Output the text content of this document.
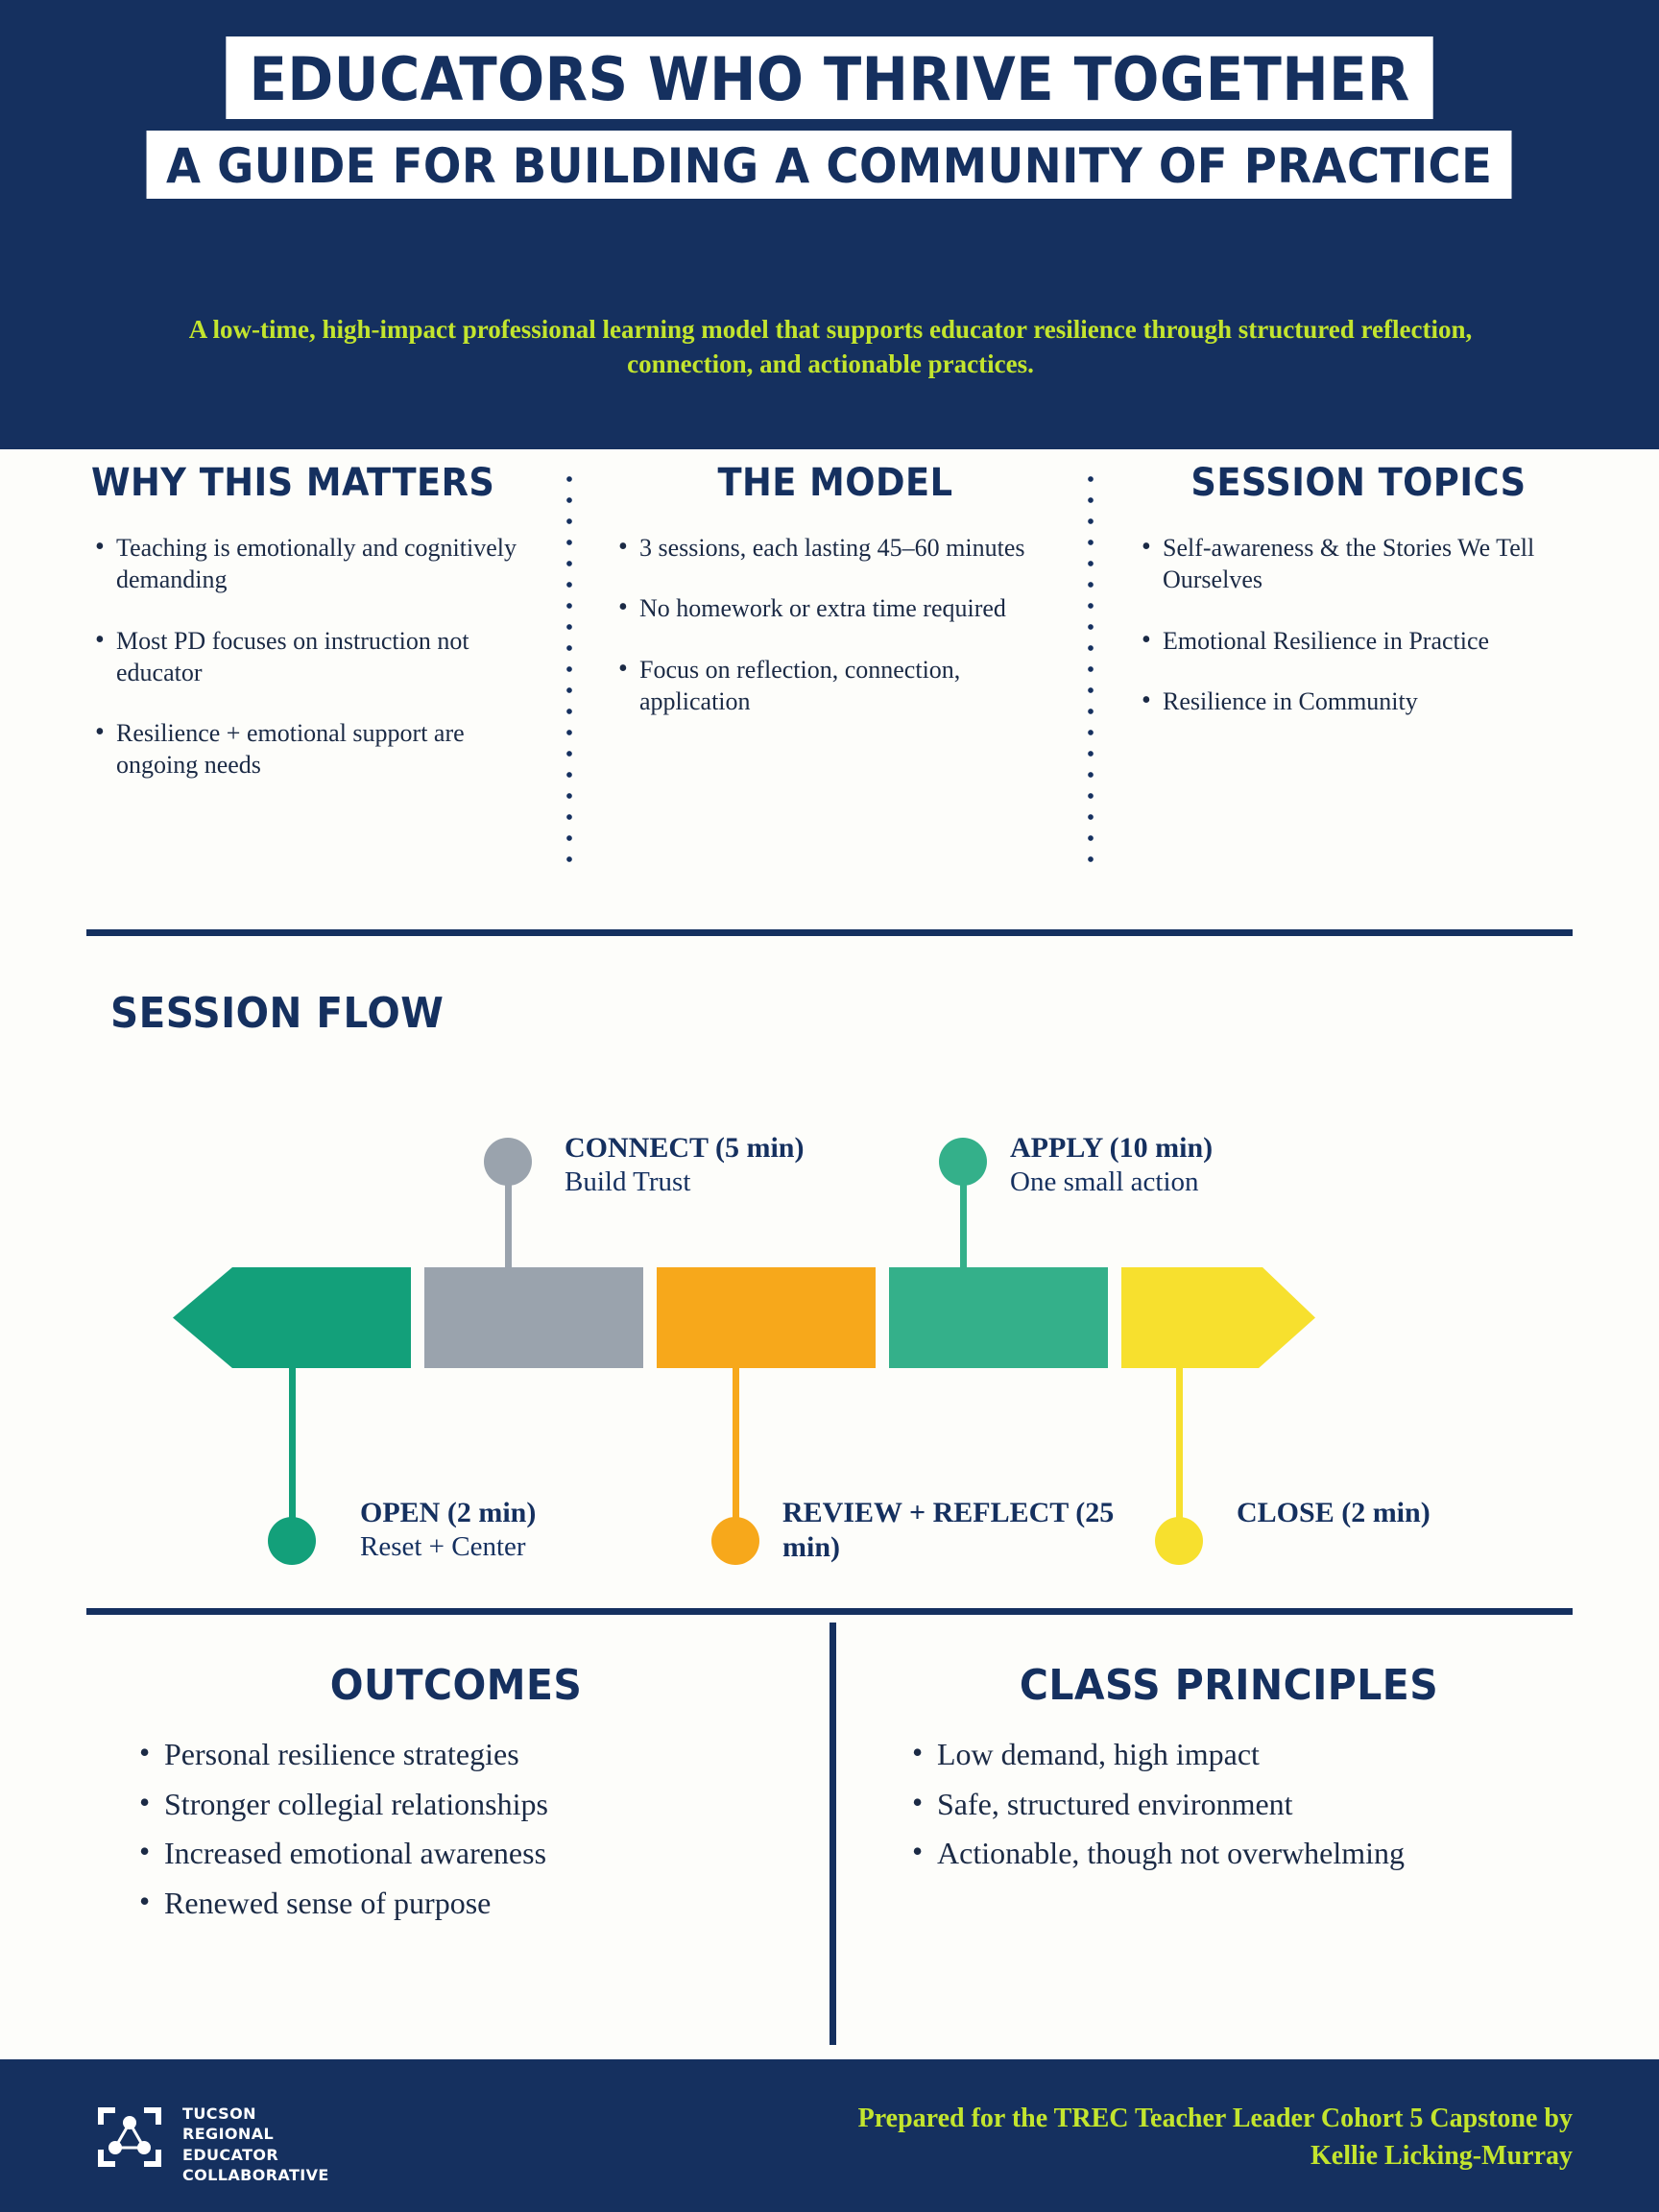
EDUCATORS WHO THRIVE TOGETHER A GUIDE FOR BUILDING A COMMUNITY OF PRACTICE
A low-time, high-impact professional learning model that supports educator resilience through structured reflection, connection, and actionable practices.
WHY THIS MATTERS
• Teaching is emotionally and cognitively demanding
• Most PD focuses on instruction not educator
• Resilience + emotional support are ongoing needs
THE MODEL
• 3 sessions, each lasting 45–60 minutes
• No homework or extra time required
• Focus on reflection, connection, application
SESSION TOPICS
• Self-awareness & the Stories We Tell Ourselves
• Emotional Resilience in Practice
• Resilience in Community
SESSION FLOW
CONNECT (5 min)
Build Trust
APPLY (10 min)
One small action
OPEN (2 min)
Reset + Center
REVIEW + REFLECT (25 min)
CLOSE (2 min)
OUTCOMES
• Personal resilience strategies
• Stronger collegial relationships
• Increased emotional awareness
• Renewed sense of purpose
CLASS PRINCIPLES
• Low demand, high impact
• Safe, structured environment
• Actionable, though not overwhelming
TUCSON
REGIONAL
EDUCATOR
COLLABORATIVE
Prepared for the TREC Teacher Leader Cohort 5 Capstone by
Kellie Licking-Murray
